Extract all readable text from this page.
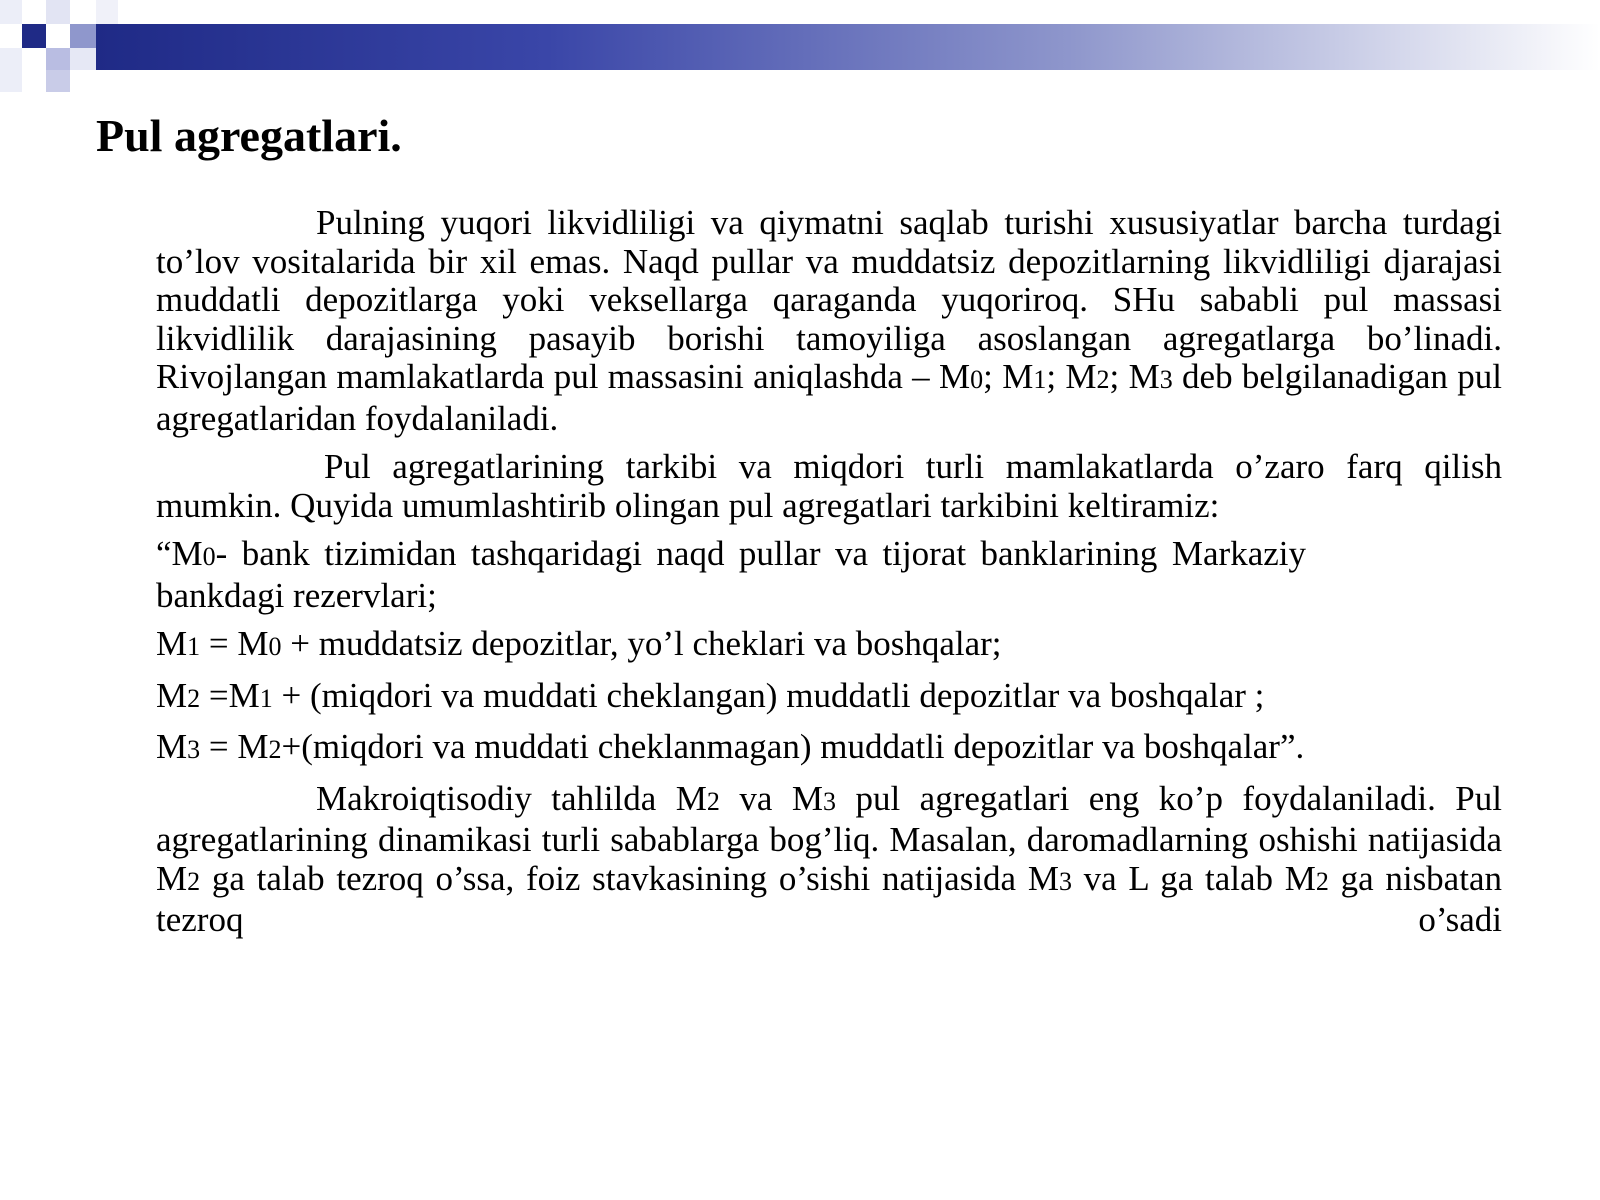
Pul agregatlari.

Pulning yuqori likvidliligi va qiymatni saqlab turishi xususiyatlar barcha turdagi to’lov vositalarida bir xil emas. Naqd pullar va muddatsiz depozitlarning likvidliligi djarajasi muddatli depozitlarga yoki veksellarga qaraganda yuqoriroq. SHu sababli pul massasi likvidlilik darajasining pasayib borishi tamoyiliga asoslangan agregatlarga bo’linadi. Rivojlangan mamlakatlarda pul massasini aniqlashda – M0; M1; M2; M3 deb belgilanadigan pul agregatlaridan foydalaniladi.

Pul agregatlarining tarkibi va miqdori turli mamlakatlarda o’zaro farq qilish mumkin. Quyida umumlashtirib olingan pul agregatlari tarkibini keltiramiz:

“M0- bank tizimidan tashqaridagi naqd pullar va tijorat banklarining Markaziy bankdagi rezervlari;

M1 = M0 + muddatsiz depozitlar, yo’l cheklari va boshqalar;

M2 =M1 + (miqdori va muddati cheklangan) muddatli depozitlar va boshqalar ;

M3 = M2+(miqdori va muddati cheklanmagan) muddatli depozitlar va boshqalar”.

Makroiqtisodiy tahlilda M2 va M3 pul agregatlari eng ko’p foydalaniladi. Pul agregatlarining dinamikasi turli sabablarga bog’liq. Masalan, daromadlarning oshishi natijasida M2 ga talab tezroq o’ssa, foiz stavkasining o’sishi natijasida M3 va L ga talab M2 ga nisbatan tezroq o’sadi
